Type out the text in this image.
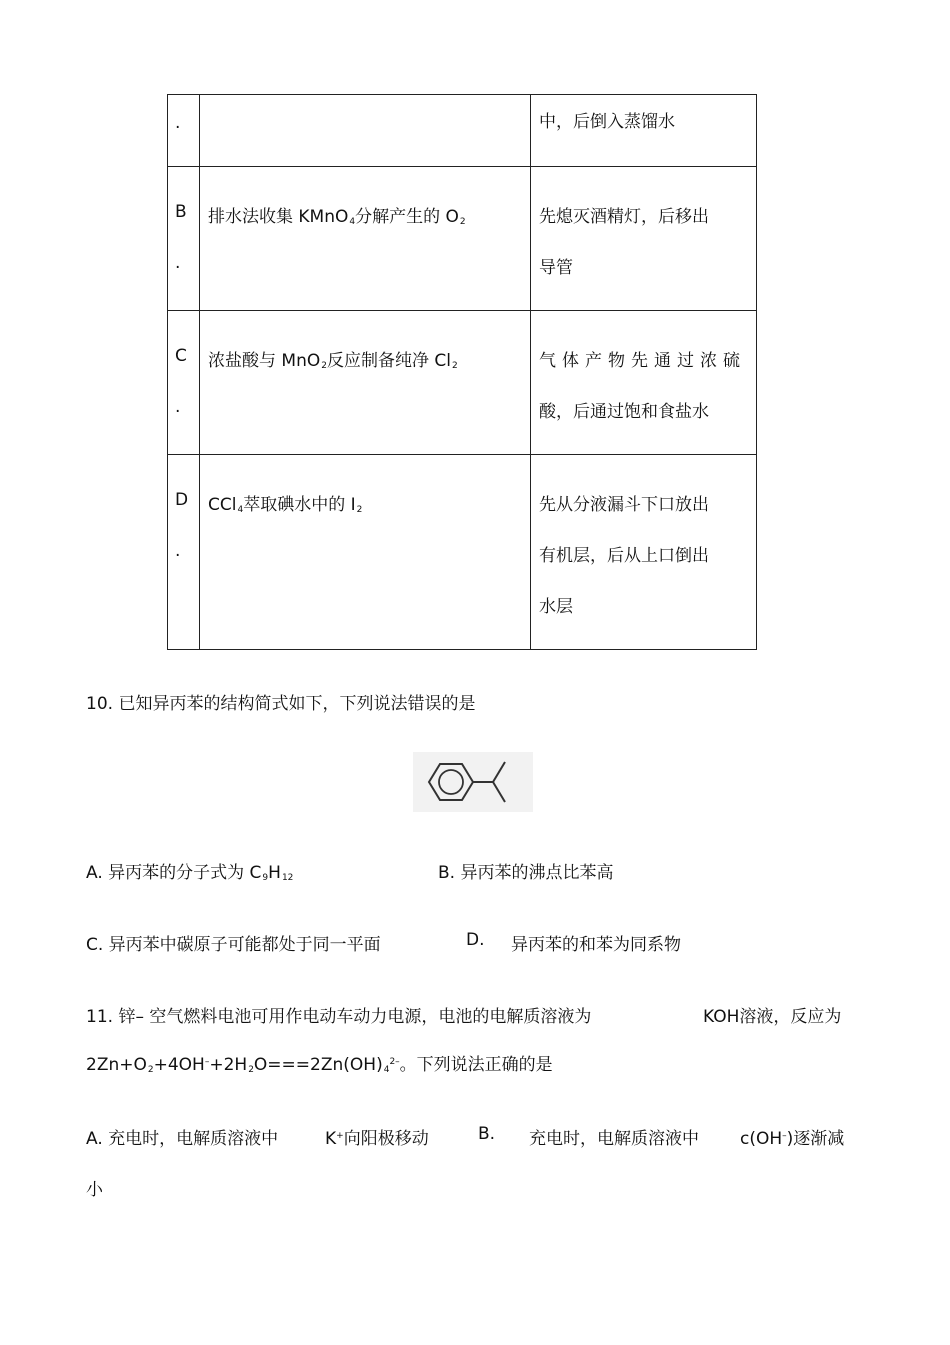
.		中，后倒入蒸馏水

B
.	排水法收集 KMnO$_4$分解产生的 $O_2$	先熄灭酒精灯，后移出
导管

C
.	浓盐酸与 MnO$_2$反应制备纯净 $Cl_2$	气体产物先通过浓硫
酸，后通过饱和食盐水

D
.	CCl$_4$萃取碘水中的 $I_2$	先从分液漏斗下口放出
有机层，后从上口倒出
水层
10. 已知异丙苯的结构简式如下，下列说法错误的是
A. 异丙苯的分子式为 $C_9H_{12}$	B. 异丙苯的沸点比苯高
C. 异丙苯中碳原子可能都处于同一平面	D. 异丙苯的和苯为同系物
11. 锌– 空气燃料电池可用作电动车动力电源，电池的电解质溶液为	KOH溶液，反应为
$2Zn+O_2+4OH^-+2H_2O===2Zn(OH)_4^{2-}$。下列说法正确的是
A. 充电时，电解质溶液中	K+向阳极移动	B. 充电时，电解质溶液中 c(OH–)逐渐减
小
